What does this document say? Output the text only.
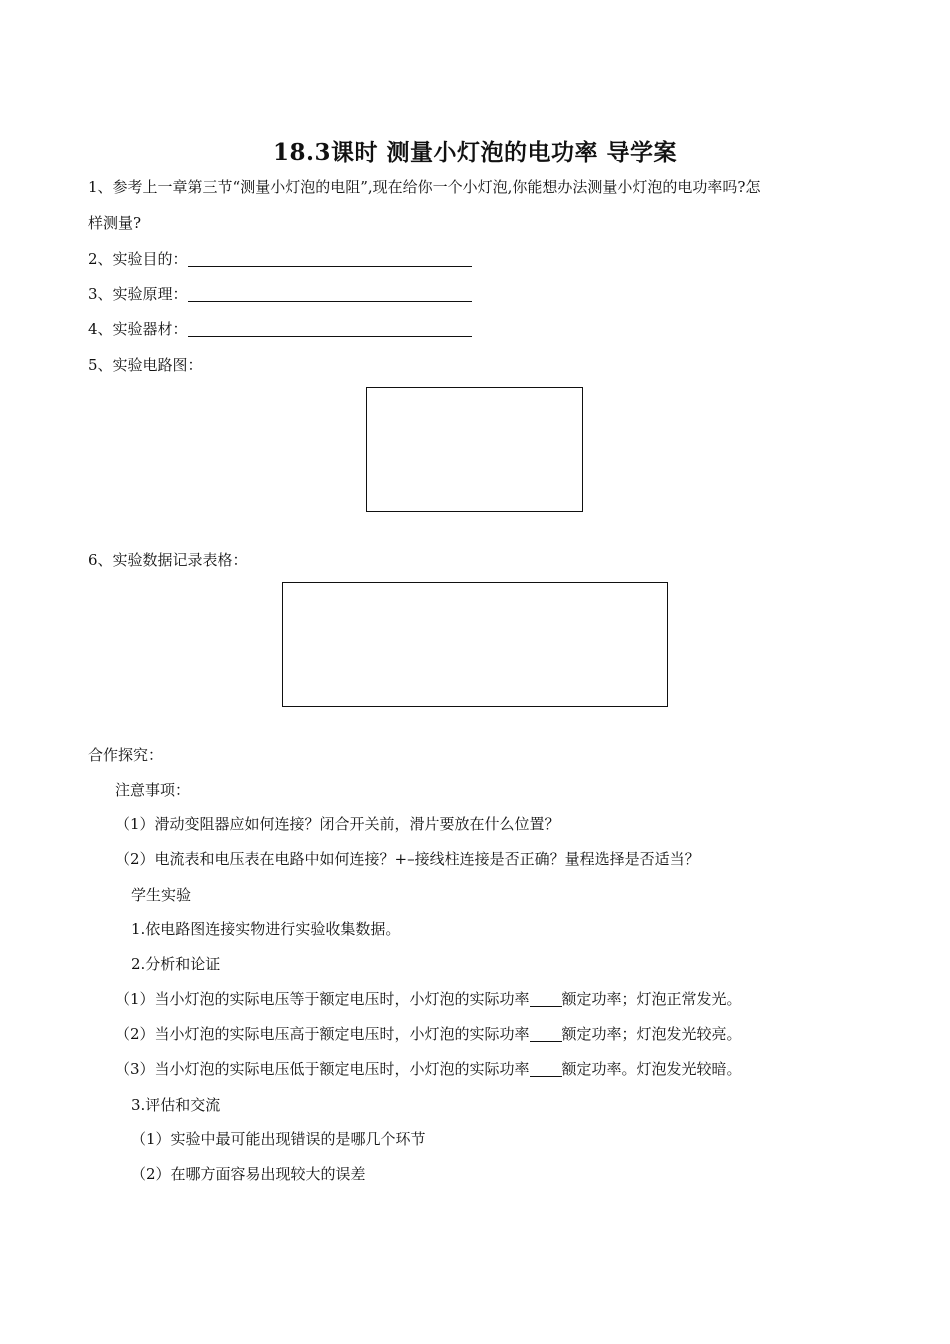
18.3课时 测量小灯泡的电功率 导学案
1、参考上一章第三节“测量小灯泡的电阻”,现在给你一个小灯泡,你能想办法测量小灯泡的电功率吗?怎
样测量?
2、实验目的：
3、实验原理：
4、实验器材：
5、实验电路图：
6、实验数据记录表格：
合作探究：
注意事项：
（1）滑动变阻器应如何连接？闭合开关前，滑片要放在什么位置？
（2）电流表和电压表在电路中如何连接？+–接线柱连接是否正确？量程选择是否适当？
学生实验
1.依电路图连接实物进行实验收集数据。
2.分析和论证
（1）当小灯泡的实际电压等于额定电压时，小灯泡的实际功率 额定功率；灯泡正常发光。
（2）当小灯泡的实际电压高于额定电压时，小灯泡的实际功率 额定功率；灯泡发光较亮。
（3）当小灯泡的实际电压低于额定电压时，小灯泡的实际功率 额定功率。灯泡发光较暗。
3.评估和交流
（1）实验中最可能出现错误的是哪几个环节
（2）在哪方面容易出现较大的误差
